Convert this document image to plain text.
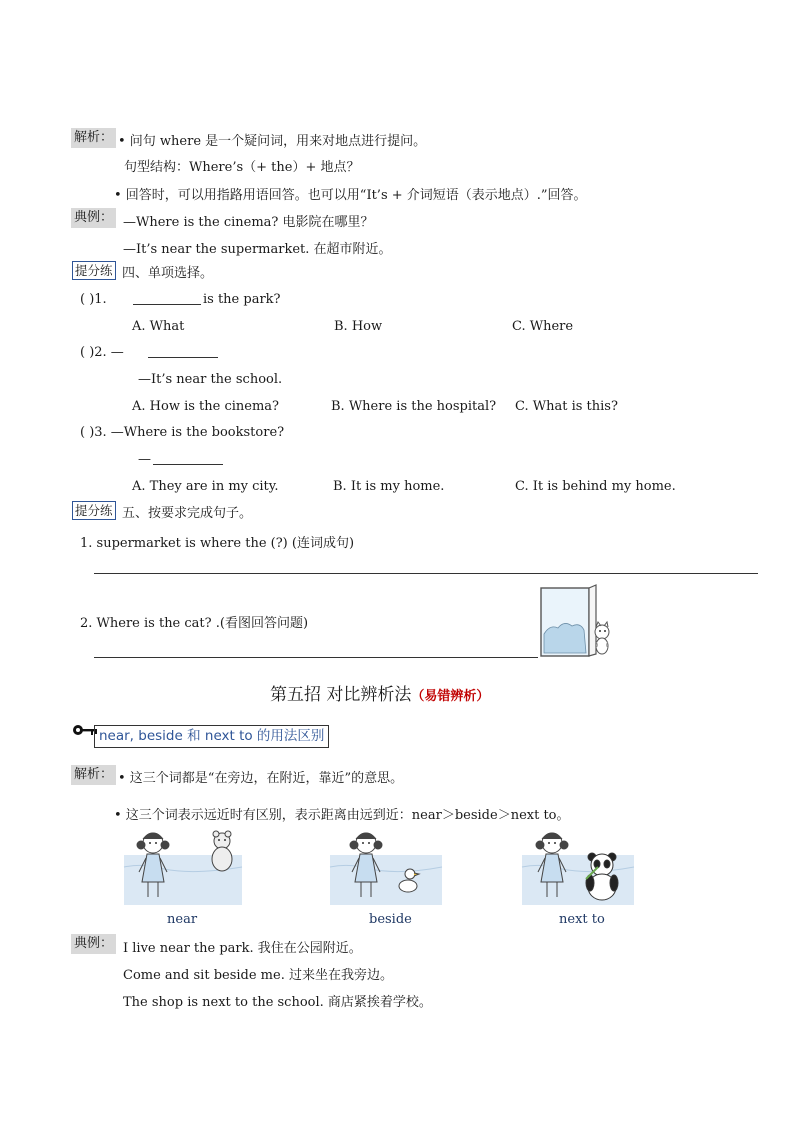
解析： • 问句 where 是一个疑问词，用来对地点进行提问。
句型结构：Where’s（+ the）+ 地点？
• 回答时，可以用指路用语回答。也可以用“It’s + 介词短语（表示地点）.”回答。
典例： —Where is the cinema? 电影院在哪里？
—It’s near the supermarket. 在超市附近。
提分练 四、单项选择。
( )1.	is the park?
A. What	B. How	C. Where
( )2. —
—It’s near the school.
A. How is the cinema?	B. Where is the hospital? C. What is this?
( )3. —Where is the bookstore?
—
A. They are in my city.	B. It is my home.	C. It is behind my home.
提分练 五、按要求完成句子。
1. supermarket is where the (?) (连词成句)
2. Where is the cat? .(看图回答问题)
第五招 对比辨析法（易错辨析）
near, beside 和 next to 的用法区别
解析： • 这三个词都是“在旁边，在附近，靠近”的意思。
• 这三个词表示远近时有区别，表示距离由远到近：near＞beside＞next to。
near	beside	next to
典例： I live near the park. 我住在公园附近。
Come and sit beside me. 过来坐在我旁边。
The shop is next to the school. 商店紧挨着学校。
